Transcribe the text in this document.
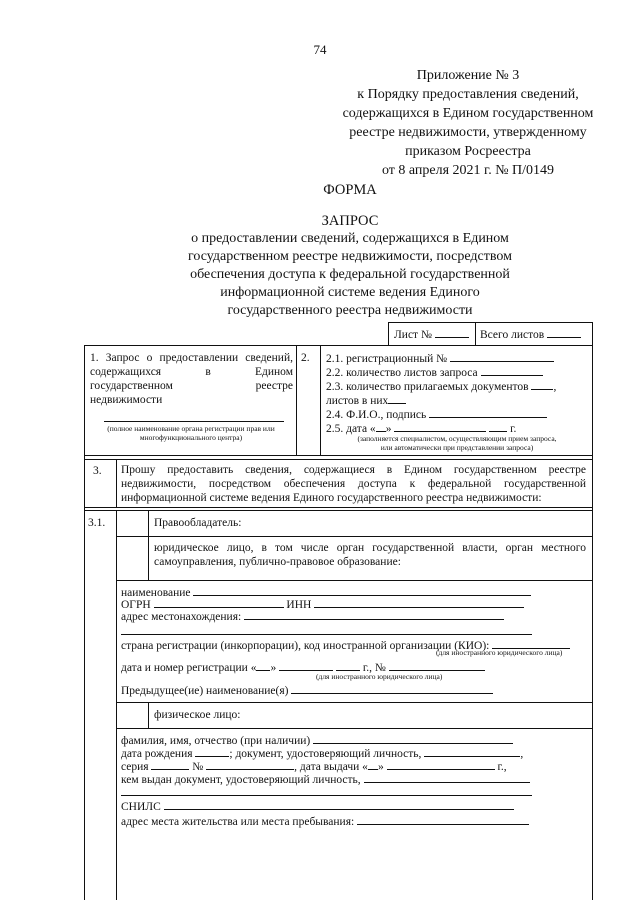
74
Приложение № 3
к Порядку предоставления сведений,
содержащихся в Едином государственном
реестре недвижимости, утвержденному
приказом Росреестра
от 8 апреля 2021 г. № П/0149
ФОРМА
ЗАПРОС
о предоставлении сведений, содержащихся в Едином
государственном реестре недвижимости, посредством
обеспечения доступа к федеральной государственной
информационной системе ведения Единого
государственного реестра недвижимости
Лист №	Всего листов
1. Запрос о предоставлении сведений,
содержащихся в Едином
государственном реестре
недвижимости
(полное наименование органа регистрации прав или
многофункционального центра)
2. 2.1. регистрационный №
2.2. количество листов запроса
2.3. количество прилагаемых документов ,
листов в них
2.4. Ф.И.О., подпись
2.5. дата « »	г.
(заполняется специалистом, осуществляющим прием запроса,
или автоматически при представлении запроса)
3. Прошу предоставить сведения, содержащиеся в Едином государственном реестре недвижимости, посредством обеспечения доступа к федеральной государственной информационной системе ведения Единого государственного реестра недвижимости:
3.1.	Правообладатель:
юридическое лицо, в том числе орган государственной власти, орган местного самоуправления, публично-правовое образование:
наименование
ОГРН	ИНН
адрес местонахождения:
страна регистрации (инкорпорации), код иностранной организации (КИО):
(для иностранного юридического лица)
дата и номер регистрации « »	г., №
(для иностранного юридического лица)
Предыдущее(ие) наименование(я)
физическое лицо:
фамилия, имя, отчество (при наличии)
дата рождения	; документ, удостоверяющий личность,	,
серия	№	, дата выдачи « »	г.,
кем выдан документ, удостоверяющий личность,
СНИЛС
адрес места жительства или места пребывания:
